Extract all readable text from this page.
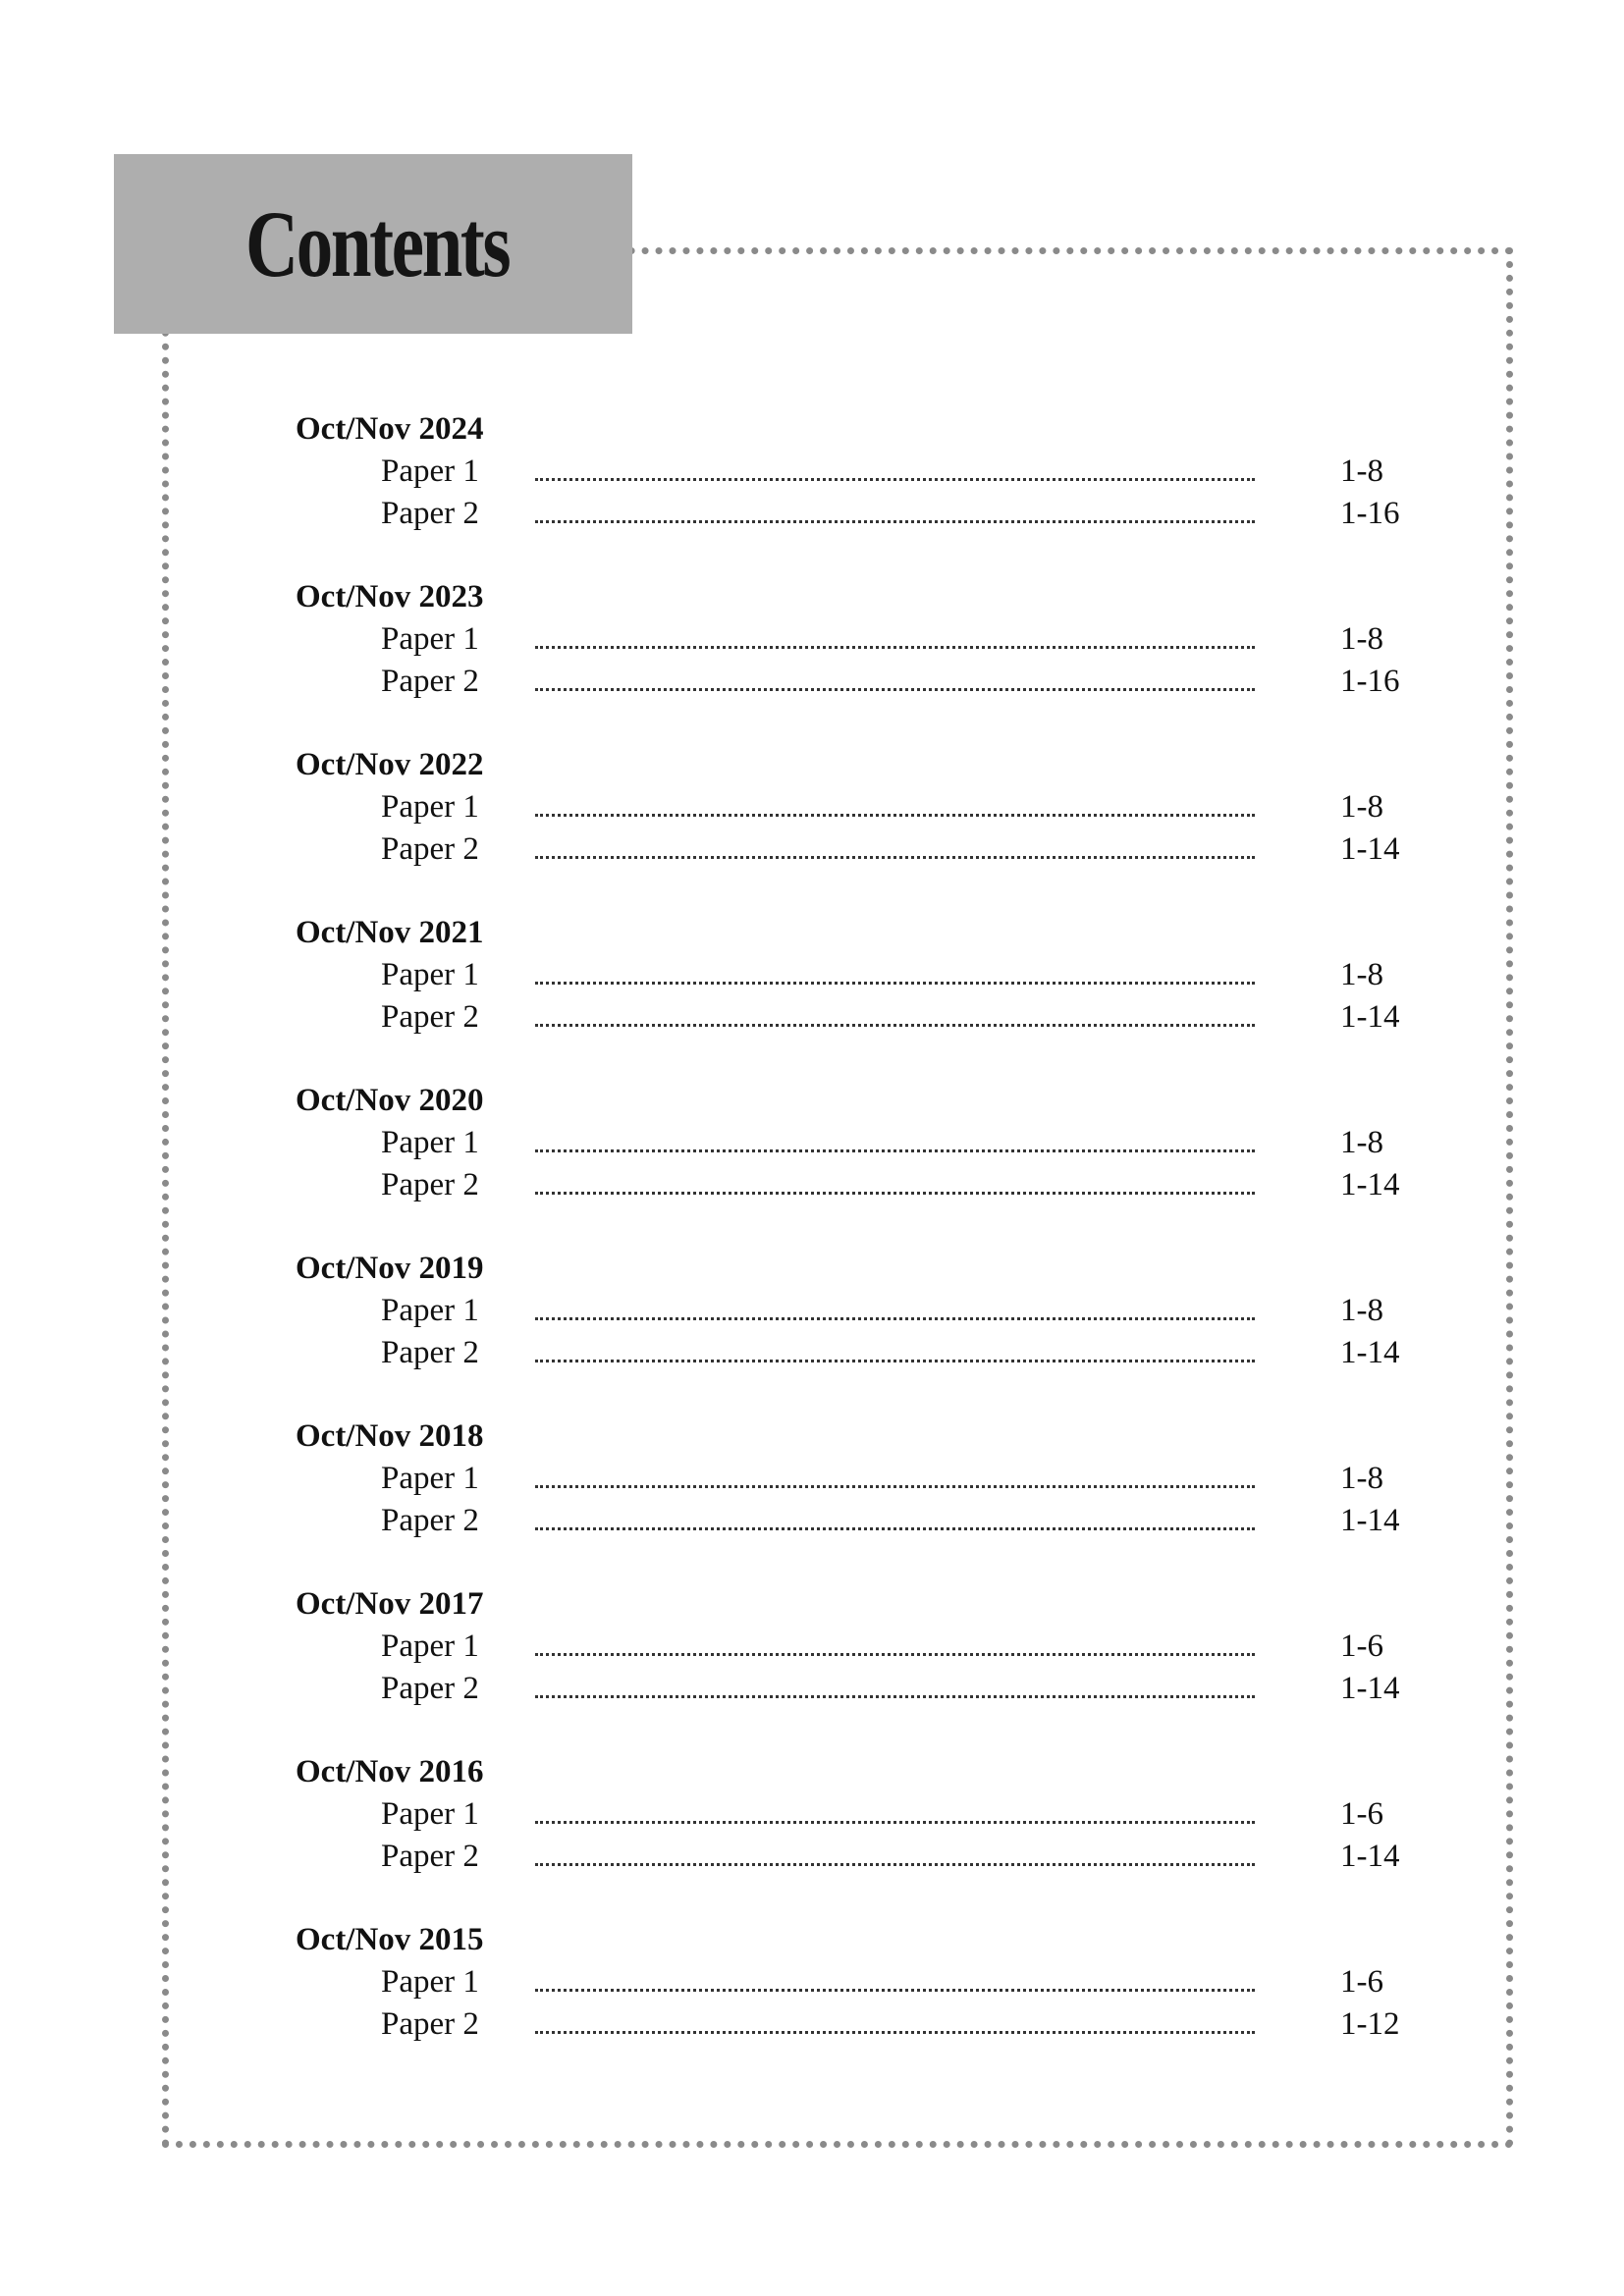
Contents
Oct/Nov 2024
Paper 1	1-8
Paper 2	1-16
Oct/Nov 2023
Paper 1	1-8
Paper 2	1-16
Oct/Nov 2022
Paper 1	1-8
Paper 2	1-14
Oct/Nov 2021
Paper 1	1-8
Paper 2	1-14
Oct/Nov 2020
Paper 1	1-8
Paper 2	1-14
Oct/Nov 2019
Paper 1	1-8
Paper 2	1-14
Oct/Nov 2018
Paper 1	1-8
Paper 2	1-14
Oct/Nov 2017
Paper 1	1-6
Paper 2	1-14
Oct/Nov 2016
Paper 1	1-6
Paper 2	1-14
Oct/Nov 2015
Paper 1	1-6
Paper 2	1-12
